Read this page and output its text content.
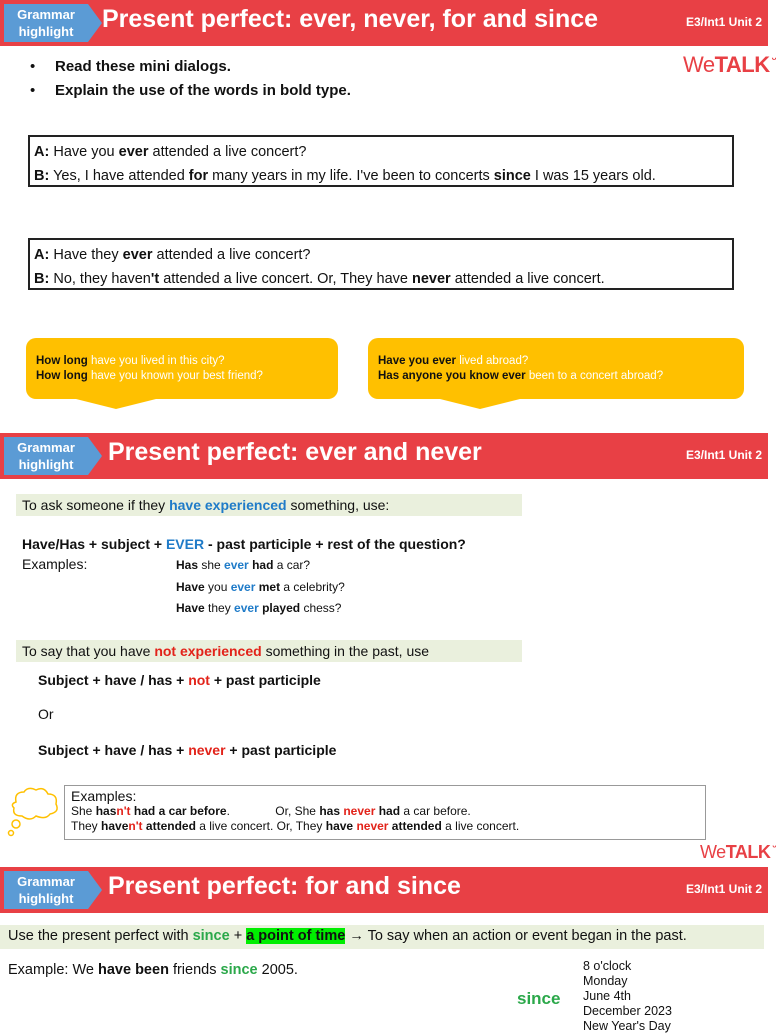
Grammar
highlight	Present perfect: ever, never, for and since	E3/Int1 Unit 2
WeTALK $^ᵕ$
• Read these mini dialogs.
• Explain the use of the words in bold type.
A: Have you ever attended a live concert?
B: Yes, I have attended for many years in my life. I've been to concerts since I was 15 years old.
A: Have they ever attended a live concert?
B: No, they haven't attended a live concert. Or, They have never attended a live concert.
How long have you lived in this city?
How long have you known your best friend?
Have you ever lived abroad?
Has anyone you know ever been to a concert abroad?
Grammar
highlight	Present perfect: ever and never	E3/Int1 Unit 2
To ask someone if they have experienced something, use:
Have/Has + subject + EVER - past participle + rest of the question?
Examples:	Has she ever had a car?
Have you ever met a celebrity?
Have they ever played chess?
To say that you have not experienced something in the past, use
Subject + have / has + not + past participle
Or
Subject + have / has + never + past participle
Examples:
She hasn't had a car before.	Or, She has never had a car before.
They haven't attended a live concert. Or, They have never attended a live concert.
WeTALK $^ᵕ$
Grammar
highlight	Present perfect: for and since	E3/Int1 Unit 2
Use the present perfect with since + a point of time → To say when an action or event began in the past.
Example: We have been friends since 2005.
since
8 o'clock
Monday
June 4th
December 2023
New Year's Day
